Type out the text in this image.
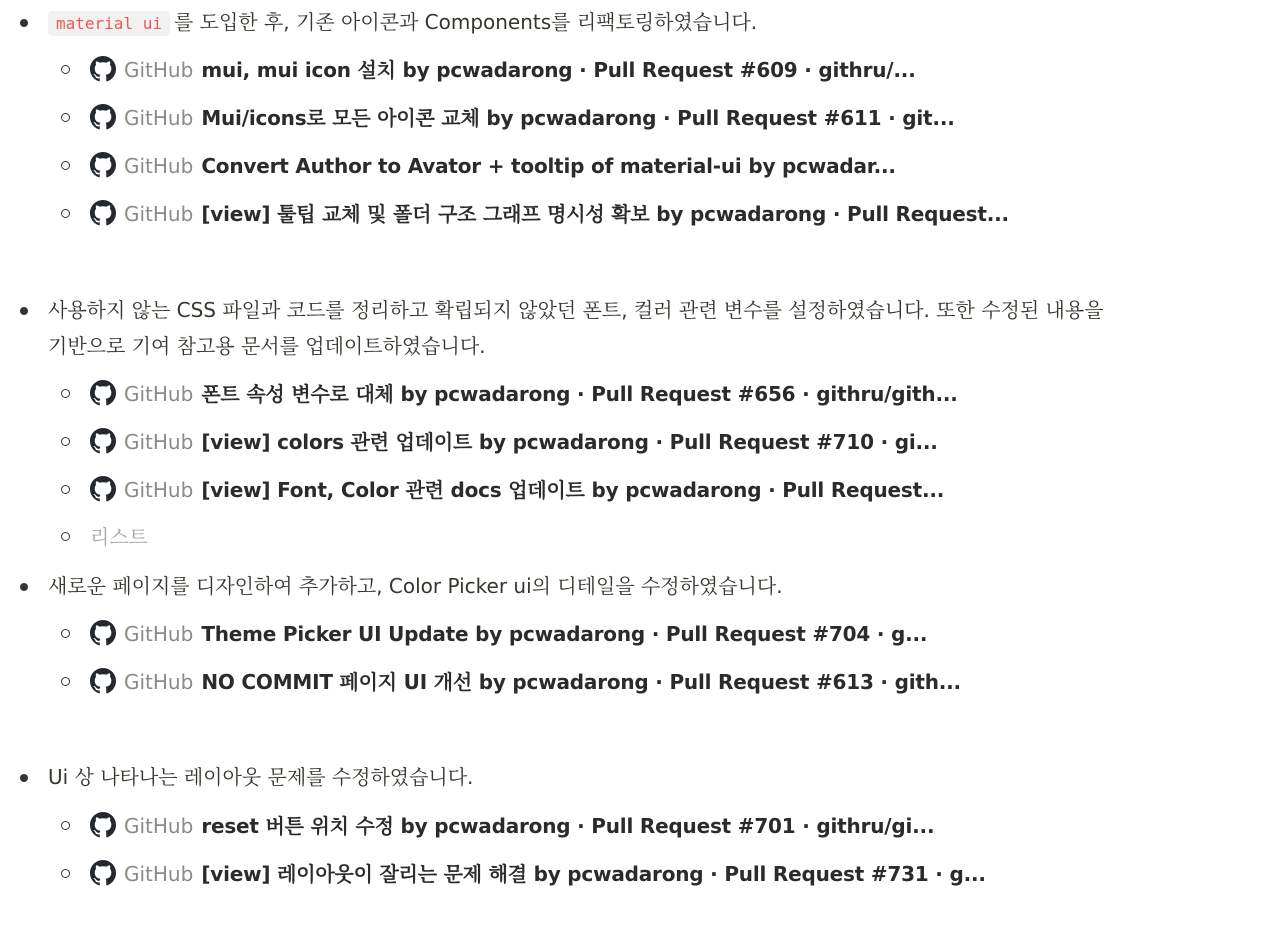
material ui 를 도입한 후, 기존 아이콘과 Components를 리팩토링하였습니다.
GitHub mui, mui icon 설치 by pcwadarong · Pull Request #609 · githru/...
GitHub Mui/icons로 모든 아이콘 교체 by pcwadarong · Pull Request #611 · git...
GitHub Convert Author to Avator + tooltip of material-ui by pcwadar...
GitHub [view] 툴팁 교체 및 폴더 구조 그래프 명시성 확보 by pcwadarong · Pull Request...
사용하지 않는 CSS 파일과 코드를 정리하고 확립되지 않았던 폰트, 컬러 관련 변수를 설정하였습니다. 또한 수정된 내용을
기반으로 기여 참고용 문서를 업데이트하였습니다.
GitHub 폰트 속성 변수로 대체 by pcwadarong · Pull Request #656 · githru/gith...
GitHub [view] colors 관련 업데이트 by pcwadarong · Pull Request #710 · gi...
GitHub [view] Font, Color 관련 docs 업데이트 by pcwadarong · Pull Request...
리스트
새로운 페이지를 디자인하여 추가하고, Color Picker ui의 디테일을 수정하였습니다.
GitHub Theme Picker UI Update by pcwadarong · Pull Request #704 · g...
GitHub NO COMMIT 페이지 UI 개선 by pcwadarong · Pull Request #613 · gith...
Ui 상 나타나는 레이아웃 문제를 수정하였습니다.
GitHub reset 버튼 위치 수정 by pcwadarong · Pull Request #701 · githru/gi...
GitHub [view] 레이아웃이 잘리는 문제 해결 by pcwadarong · Pull Request #731 · g...
